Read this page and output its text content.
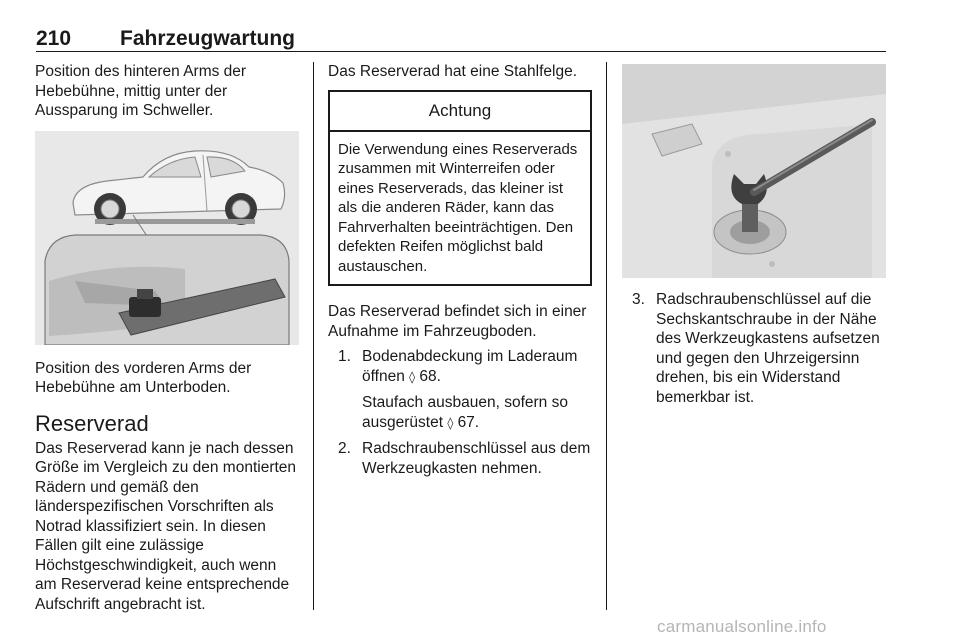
210 Fahrzeugwartung

Position des hinteren Arms der Hebebühne, mittig unter der Aussparung im Schweller.

Position des vorderen Arms der Hebebühne am Unterboden.

Reserverad

Das Reserverad kann je nach dessen Größe im Vergleich zu den montierten Rädern und gemäß den länderspezifischen Vorschriften als Notrad klassifiziert sein. In diesen Fällen gilt eine zulässige Höchstgeschwindigkeit, auch wenn am Reserverad keine entsprechende Aufschrift angebracht ist.

Das Reserverad hat eine Stahlfelge.

Achtung
Die Verwendung eines Reserverads zusammen mit Winterreifen oder eines Reserverads, das kleiner ist als die anderen Räder, kann das Fahrverhalten beeinträchtigen. Den defekten Reifen möglichst bald austauschen.

Das Reserverad befindet sich in einer Aufnahme im Fahrzeugboden.

1. Bodenabdeckung im Laderaum öffnen ◊ 68.
Staufach ausbauen, sofern so ausgerüstet ◊ 67.
2. Radschraubenschlüssel aus dem Werkzeugkasten nehmen.
3. Radschraubenschlüssel auf die Sechskantschraube in der Nähe des Werkzeugkastens aufsetzen und gegen den Uhrzeigersinn drehen, bis ein Widerstand bemerkbar ist.
carmanualsonline.info
